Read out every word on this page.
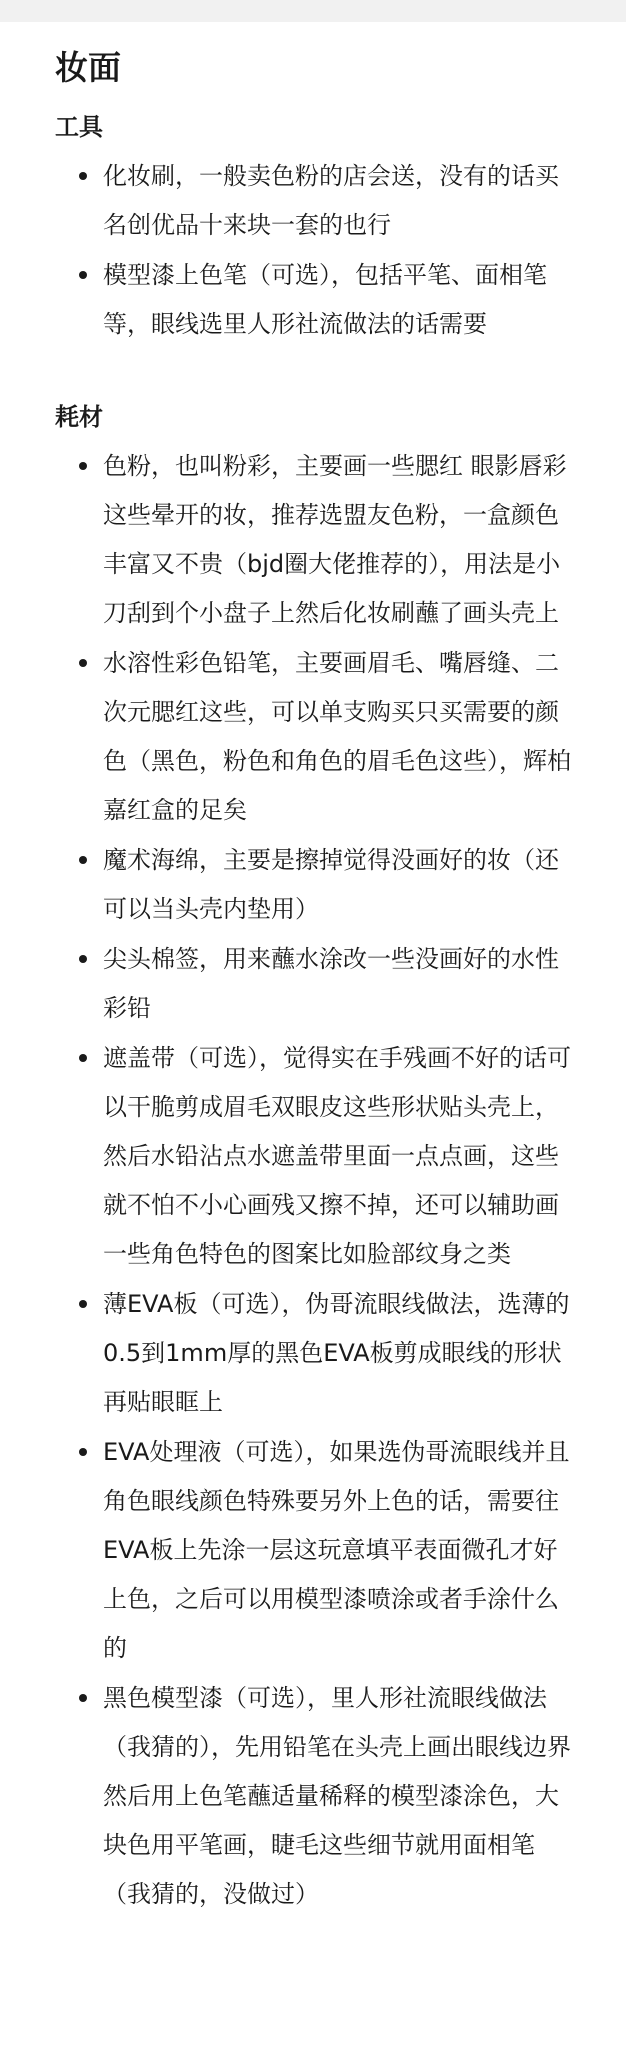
妆面
工具
化妆刷，一般卖色粉的店会送，没有的话买名创优品十来块一套的也行
模型漆上色笔（可选），包括平笔、面相笔等，眼线选里人形社流做法的话需要
耗材
色粉，也叫粉彩，主要画一些腮红 眼影唇彩这些晕开的妆，推荐选盟友色粉，一盒颜色丰富又不贵（bjd圈大佬推荐的），用法是小刀刮到个小盘子上然后化妆刷蘸了画头壳上
水溶性彩色铅笔，主要画眉毛、嘴唇缝、二次元腮红这些，可以单支购买只买需要的颜色（黑色，粉色和角色的眉毛色这些），辉柏嘉红盒的足矣
魔术海绵，主要是擦掉觉得没画好的妆（还可以当头壳内垫用）
尖头棉签，用来蘸水涂改一些没画好的水性彩铅
遮盖带（可选），觉得实在手残画不好的话可以干脆剪成眉毛双眼皮这些形状贴头壳上，然后水铅沾点水遮盖带里面一点点画，这些就不怕不小心画残又擦不掉，还可以辅助画一些角色特色的图案比如脸部纹身之类
薄EVA板（可选），伪哥流眼线做法，选薄的0.5到1mm厚的黑色EVA板剪成眼线的形状再贴眼眶上
EVA处理液（可选），如果选伪哥流眼线并且角色眼线颜色特殊要另外上色的话，需要往EVA板上先涂一层这玩意填平表面微孔才好上色，之后可以用模型漆喷涂或者手涂什么的
黑色模型漆（可选），里人形社流眼线做法（我猜的），先用铅笔在头壳上画出眼线边界然后用上色笔蘸适量稀释的模型漆涂色，大块色用平笔画，睫毛这些细节就用面相笔（我猜的，没做过）
